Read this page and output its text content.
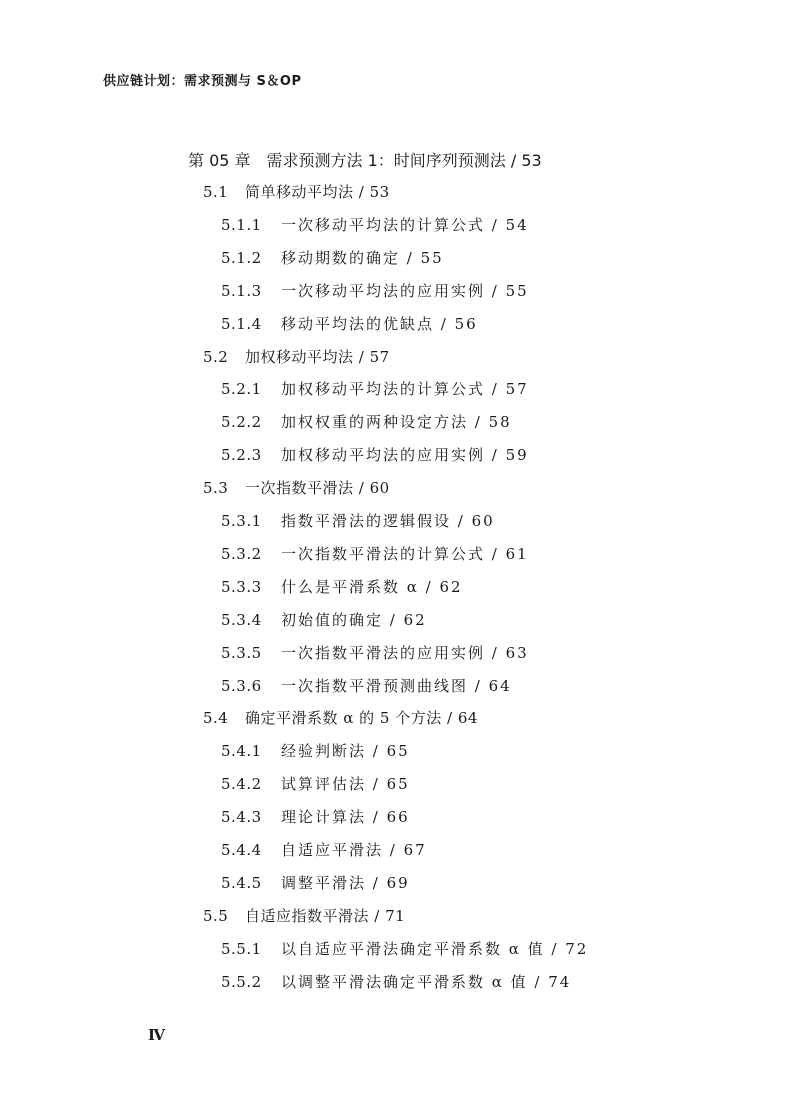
供应链计划：需求预测与 S＆OP
第 05 章　需求预测方法 1：时间序列预测法 / 53
5.1 简单移动平均法 / 53
5.1.1 一次移动平均法的计算公式 / 54
5.1.2 移动期数的确定 / 55
5.1.3 一次移动平均法的应用实例 / 55
5.1.4 移动平均法的优缺点 / 56
5.2 加权移动平均法 / 57
5.2.1 加权移动平均法的计算公式 / 57
5.2.2 加权权重的两种设定方法 / 58
5.2.3 加权移动平均法的应用实例 / 59
5.3 一次指数平滑法 / 60
5.3.1 指数平滑法的逻辑假设 / 60
5.3.2 一次指数平滑法的计算公式 / 61
5.3.3 什么是平滑系数 α / 62
5.3.4 初始值的确定 / 62
5.3.5 一次指数平滑法的应用实例 / 63
5.3.6 一次指数平滑预测曲线图 / 64
5.4 确定平滑系数 α 的 5 个方法 / 64
5.4.1 经验判断法 / 65
5.4.2 试算评估法 / 65
5.4.3 理论计算法 / 66
5.4.4 自适应平滑法 / 67
5.4.5 调整平滑法 / 69
5.5 自适应指数平滑法 / 71
5.5.1 以自适应平滑法确定平滑系数 α 值 / 72
5.5.2 以调整平滑法确定平滑系数 α 值 / 74
Ⅳ
